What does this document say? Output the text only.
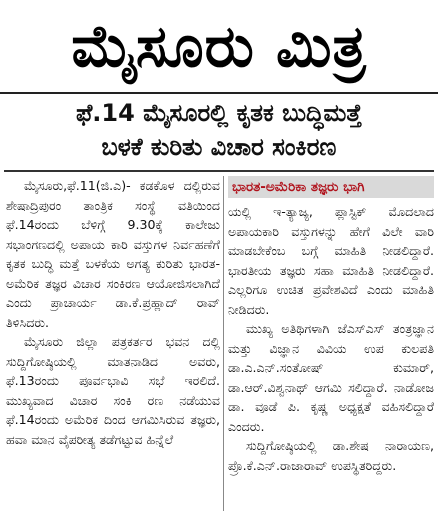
ಮೈಸೂರು ಮಿತ್ರ
ಫೆ.14 ಮೈಸೂರಲ್ಲಿ ಕೃತಕ ಬುದ್ಧಿಮತ್ತೆ
ಬಳಕೆ ಕುರಿತು ವಿಚಾರ ಸಂಕಿರಣ

ಮೈಸೂರು,ಫೆ.11(ಜಿ.ಎ)- ಕಡಕೊಳ ದಲ್ಲಿರುವ ಶೇಷಾದ್ರಿಪುರಂ ತಾಂತ್ರಿಕ ಸಂಸ್ಥೆ ವತಿಯಿಂದ ಫೆ.14ರಂದು ಬೆಳಿಗ್ಗೆ 9.30ಕ್ಕೆ ಕಾಲೇಜು ಸಭಾಂಗಣದಲ್ಲಿ ಅಪಾಯ ಕಾರಿ ವಸ್ತುಗಳ ನಿರ್ವಹಣೆಗೆ ಕೃತಕ ಬುದ್ಧಿ ಮತ್ತೆ ಬಳಕೆಯ ಅಗತ್ಯ ಕುರಿತು ಭಾರತ-ಅಮೆರಿಕ ತಜ್ಞರ ವಿಚಾರ ಸಂಕಿರಣ ಆಯೋಜಿಸಲಾಗಿದೆ ಎಂದು ಪ್ರಾಚಾರ್ಯ ಡಾ.ಕೆ.ಪ್ರಹ್ಲಾದ್ ರಾವ್ ತಿಳಿಸಿದರು.

ಮೈಸೂರು ಜಿಲ್ಲಾ ಪತ್ರಕರ್ತರ ಭವನ ದಲ್ಲಿ ಸುದ್ದಿಗೋಷ್ಠಿಯಲ್ಲಿ ಮಾತನಾಡಿದ ಅವರು, ಫೆ.13ರಂದು ಪೂರ್ವಭಾವಿ ಸಭೆ ಇರಲಿದೆ. ಮುಖ್ಯವಾದ ವಿಚಾರ ಸಂಕಿ ರಣ ನಡೆಯುವ ಫೆ.14ರಂದು ಅಮೆರಿಕ ದಿಂದ ಆಗಮಿಸಿರುವ ತಜ್ಞರು, ಹವಾ ಮಾನ ವೈಪರೀತ್ಯ ತಡೆಗಟ್ಟುವ ಹಿನ್ನೆಲೆ

ಭಾರತ-ಅಮೆರಿಕಾ ತಜ್ಞರು ಭಾಗಿ

ಯಲ್ಲಿ ಇ-ತ್ಯಾಜ್ಯ, ಪ್ಲಾಸ್ಟಿಕ್ ಮೊದಲಾದ ಅಪಾಯಕಾರಿ ವಸ್ತುಗಳನ್ನು ಹೇಗೆ ವಿಲೇ ವಾರಿ ಮಾಡಬೇಕೆಂಬ ಬಗ್ಗೆ ಮಾಹಿತಿ ನೀಡಲಿದ್ದಾರೆ. ಭಾರತೀಯ ತಜ್ಞರು ಸಹಾ ಮಾಹಿತಿ ನೀಡಲಿದ್ದಾರೆ. ಎಲ್ಲರಿಗೂ ಉಚಿತ ಪ್ರವೇಶವಿದೆ ಎಂದು ಮಾಹಿತಿ ನೀಡಿದರು.

ಮುಖ್ಯ ಅತಿಥಿಗಳಾಗಿ ಜೆಎಸ್‌ಎಸ್ ತಂತ್ರಜ್ಞಾನ ಮತ್ತು ವಿಜ್ಞಾನ ವಿವಿಯ ಉಪ ಕುಲಪತಿ ಡಾ.ಎ.ಎನ್.ಸಂತೋಷ್ ಕುಮಾರ್, ಡಾ.ಆರ್.ವಿಶ್ವನಾಥ್ ಆಗಮಿ ಸಲಿದ್ದಾರೆ. ನಾಡೋಜ ಡಾ. ವೂಡೆ ಪಿ. ಕೃಷ್ಣ ಅಧ್ಯಕ್ಷತೆ ವಹಿಸಲಿದ್ದಾರೆ ಎಂದರು.

ಸುದ್ದಿಗೋಷ್ಠಿಯಲ್ಲಿ ಡಾ.ಶೇಷ ನಾರಾಯಣ, ಪ್ರೊ.ಕೆ.ಎನ್.ರಾಜಾರಾವ್ ಉಪಸ್ಥಿತರಿದ್ದರು.
